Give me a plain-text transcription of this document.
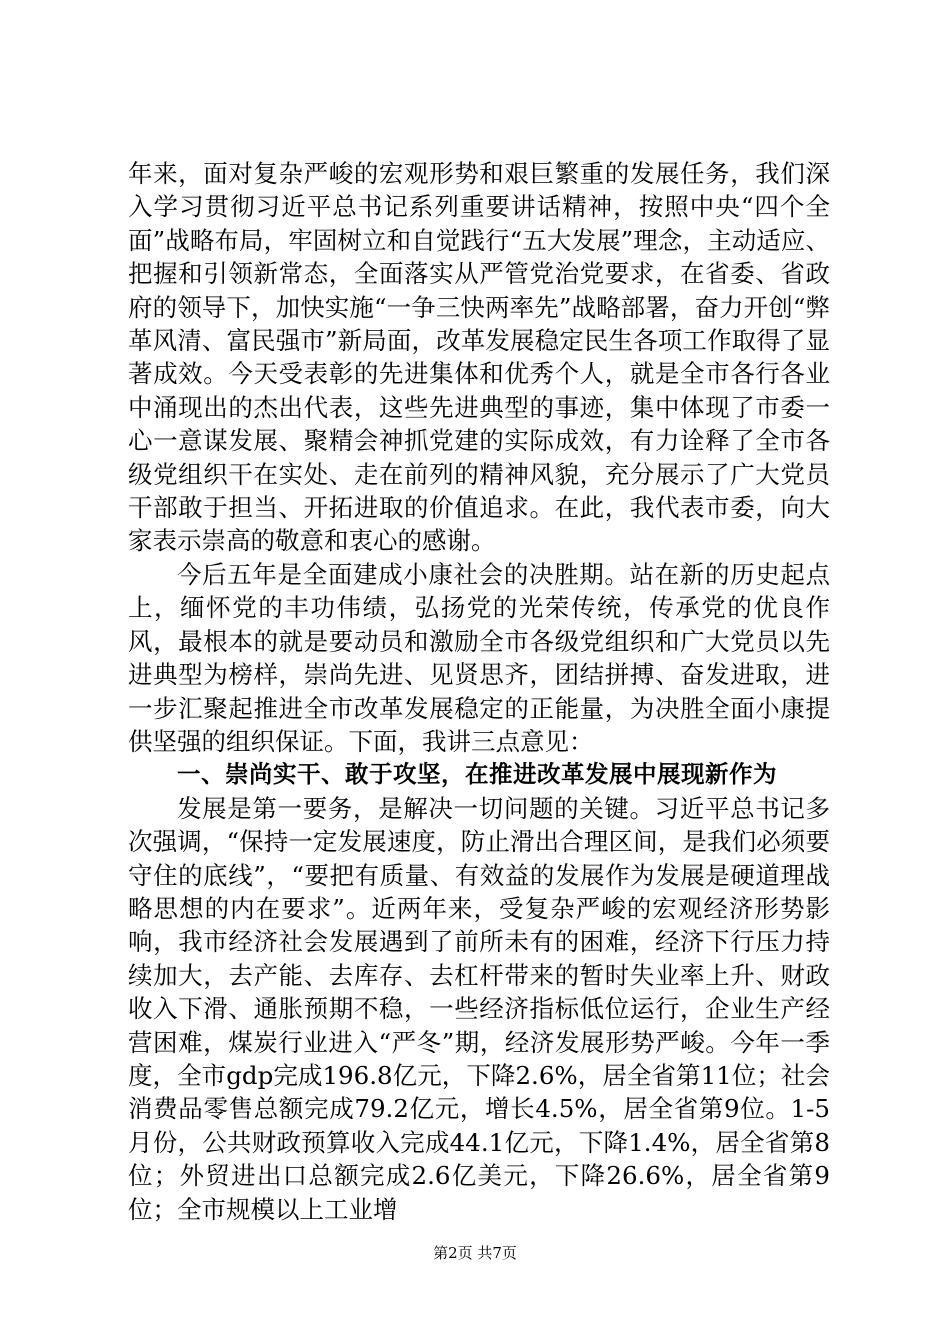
年来，面对复杂严峻的宏观形势和艰巨繁重的发展任务，我们深入学习贯彻习近平总书记系列重要讲话精神，按照中央“四个全面”战略布局，牢固树立和自觉践行“五大发展”理念，主动适应、把握和引领新常态，全面落实从严管党治党要求，在省委、省政府的领导下，加快实施“一争三快两率先”战略部署，奋力开创“弊革风清、富民强市”新局面，改革发展稳定民生各项工作取得了显著成效。今天受表彰的先进集体和优秀个人，就是全市各行各业中涌现出的杰出代表，这些先进典型的事迹，集中体现了市委一心一意谋发展、聚精会神抓党建的实际成效，有力诠释了全市各级党组织干在实处、走在前列的精神风貌，充分展示了广大党员干部敢于担当、开拓进取的价值追求。在此，我代表市委，向大家表示崇高的敬意和衷心的感谢。

今后五年是全面建成小康社会的决胜期。站在新的历史起点上，缅怀党的丰功伟绩，弘扬党的光荣传统，传承党的优良作风，最根本的就是要动员和激励全市各级党组织和广大党员以先进典型为榜样，崇尚先进、见贤思齐，团结拼搏、奋发进取，进一步汇聚起推进全市改革发展稳定的正能量，为决胜全面小康提供坚强的组织保证。下面，我讲三点意见：

一、崇尚实干、敢于攻坚，在推进改革发展中展现新作为

发展是第一要务，是解决一切问题的关键。习近平总书记多次强调，“保持一定发展速度，防止滑出合理区间，是我们必须要守住的底线”，“要把有质量、有效益的发展作为发展是硬道理战略思想的内在要求”。近两年来，受复杂严峻的宏观经济形势影响，我市经济社会发展遇到了前所未有的困难，经济下行压力持续加大，去产能、去库存、去杠杆带来的暂时失业率上升、财政收入下滑、通胀预期不稳，一些经济指标低位运行，企业生产经营困难，煤炭行业进入“严冬”期，经济发展形势严峻。今年一季度，全市gdp完成196.8亿元，下降2.6%，居全省第11位；社会消费品零售总额完成79.2亿元，增长4.5%，居全省第9位。1-5月份，公共财政预算收入完成44.1亿元，下降1.4%，居全省第8位；外贸进出口总额完成2.6亿美元，下降26.6%，居全省第9位；全市规模以上工业增

第2页 共7页
